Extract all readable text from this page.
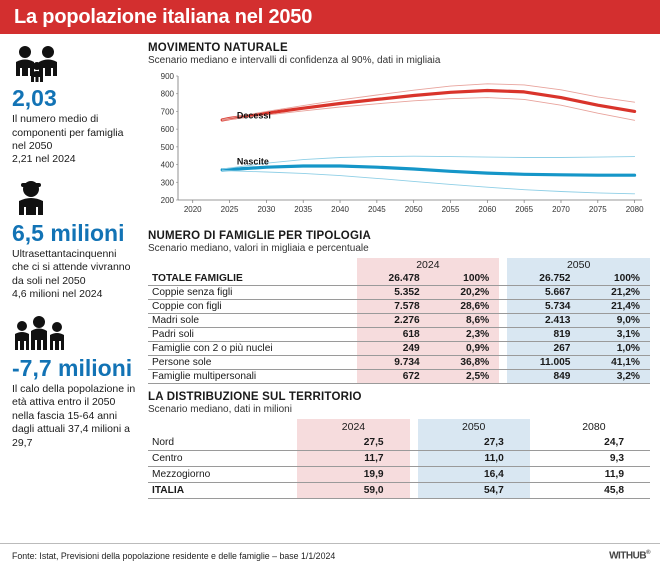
La popolazione italiana nel 2050
2,03
Il numero medio di componenti per famiglia nel 2050
2,21 nel 2024
6,5 milioni
Ultrasettantacinquenni che ci si attende vivranno da soli nel 2050
4,6 milioni nel 2024
-7,7 milioni
Il calo della popolazione in età attiva entro il 2050 nella fascia 15-64 anni
dagli attuali 37,4 milioni a 29,7
MOVIMENTO NATURALE
Scenario mediano e intervalli di confidenza al 90%, dati in migliaia
200
300
400
500
600
700
800
900
2020 2025 2030 2035 2040 2045 2050 2055 2060 2065 2070 2075 2080
Decessi
Nascite
NUMERO DI FAMIGLIE PER TIPOLOGIA
Scenario mediano, valori in migliaia e percentuale
	2024			2050	
TOTALE FAMIGLIE	26.478	100%		26.752	100%
Coppie senza figli	5.352	20,2%		5.667	21,2%
Coppie con figli	7.578	28,6%		5.734	21,4%
Madri sole	2.276	8,6%		2.413	9,0%
Padri soli	618	2,3%		819	3,1%
Famiglie con 2 o più nuclei	249	0,9%		267	1,0%
Persone sole	9.734	36,8%		11.005	41,1%
Famiglie multipersonali	672	2,5%		849	3,2%
LA DISTRIBUZIONE SUL TERRITORIO
Scenario mediano, dati in milioni
	2024		2050		2080
Nord	27,5		27,3		24,7
Centro	11,7		11,0		9,3
Mezzogiorno	19,9		16,4		11,9
ITALIA	59,0		54,7		45,8
Fonte: Istat, Previsioni della popolazione residente e delle famiglie – base 1/1/2024	WITHUB®
